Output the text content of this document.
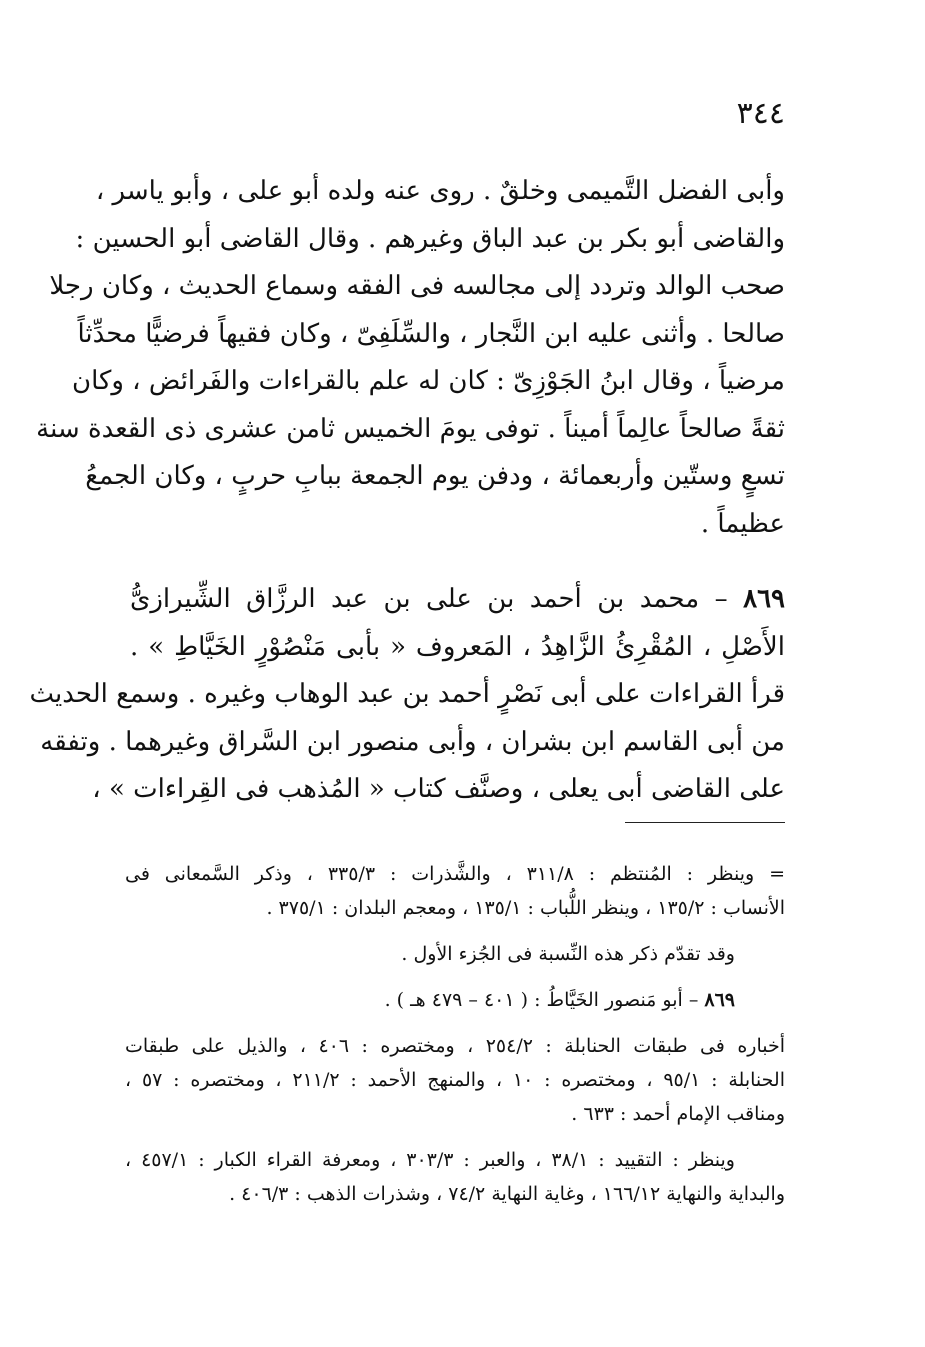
٣٤٤
وأبى الفضل التَّميمى وخلقٌ . روى عنه ولده أبو على ، وأبو ياسر ،
والقاضى أبو بكر بن عبد الباق وغيرهم . وقال القاضى أبو الحسين :
صحب الوالد وتردد إلى مجالسه فى الفقه وسماع الحديث ، وكان رجلا
صالحا . وأثنى عليه ابن النَّجار ، والسِّلَفِىّ ، وكان فقيهاً فرضيًّا محدِّثاً
مرضياً ، وقال ابنُ الجَوْزِىّ : كان له علم بالقراءات والفَرائض ، وكان
ثقةً صالحاً عالِماً أميناً . توفى يومَ الخميس ثامن عشرى ذى القعدة سنة
تسعٍ وستّين وأربعمائة ، ودفن يوم الجمعة ببابِ حربٍ ، وكان الجمعُ
عظيماً .
٨٦٩ – محمد بن أحمد بن على بن عبد الرزَّاق الشِّيرازىُّ
الأَصْلِ ، المُقْرِئُ الزَّاهِدُ ، المَعروف « بأبى مَنْصُوْرٍ الخَيَّاطِ » .
قرأ القراءات على أبى نَصْرٍ أحمد بن عبد الوهاب وغيره . وسمع الحديث
من أبى القاسم ابن بشران ، وأبى منصور ابن السَّراق وغيرهما . وتفقه
على القاضى أبى يعلى ، وصنَّف كتاب « المُذهب فى القِراءات » ،
= وينظر : المُنتظم : ٣١١/٨ ، والشَّذرات : ٣٣٥/٣ ، وذكر السَّمعانى فى
الأنساب : ١٣٥/٢ ، وينظر اللُّباب : ١٣٥/١ ، ومعجم البلدان : ٣٧٥/١ .
وقد تقدّم ذكر هذه النِّسبة فى الجُزء الأول .
٨٦٩ – أبو مَنصور الخَيَّاطُ : ( ٤٠١ – ٤٧٩ هـ ) .
أخباره فى طبقات الحنابلة : ٢٥٤/٢ ، ومختصره : ٤٠٦ ، والذيل على طبقات
الحنابلة : ٩٥/١ ، ومختصره : ١٠ ، والمنهج الأحمد : ٢١١/٢ ، ومختصره : ٥٧ ،
ومناقب الإمام أحمد : ٦٣٣ .
وينظر : التقييد : ٣٨/١ ، والعبر : ٣٠٣/٣ ، ومعرفة القراء الكبار : ٤٥٧/١ ،
والبداية والنهاية ١٦٦/١٢ ، وغاية النهاية ٧٤/٢ ، وشذرات الذهب : ٤٠٦/٣ .
